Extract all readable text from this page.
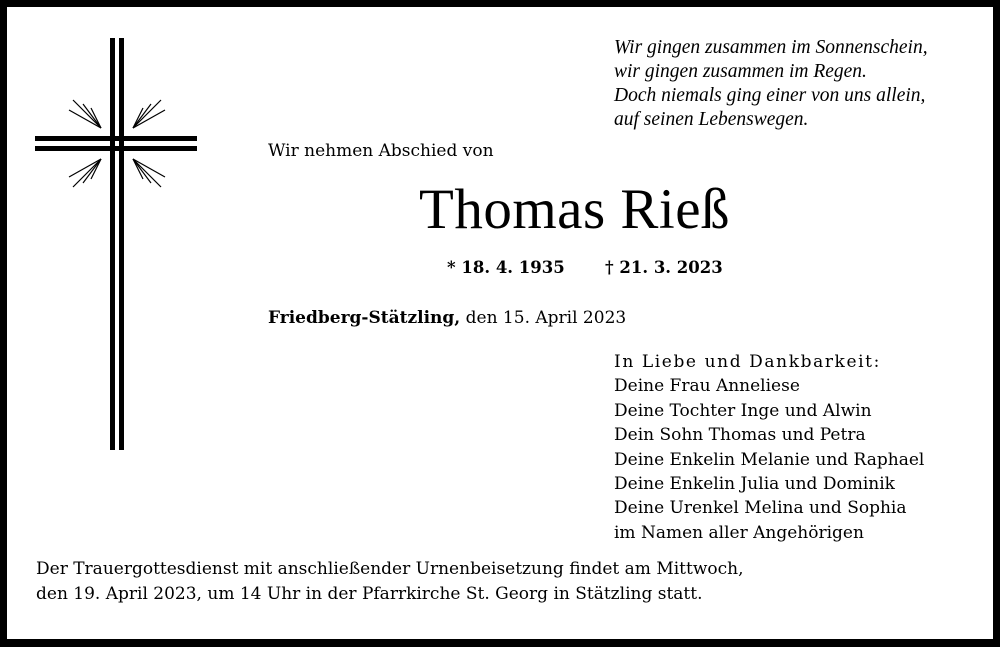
Wir gingen zusammen im Sonnenschein,
wir gingen zusammen im Regen.
Doch niemals ging einer von uns allein,
auf seinen Lebenswegen.
Wir nehmen Abschied von
Thomas Rieß
* 18. 4. 1935 † 21. 3. 2023
Friedberg-Stätzling, den 15. April 2023
In Liebe und Dankbarkeit:
Deine Frau Anneliese
Deine Tochter Inge und Alwin
Dein Sohn Thomas und Petra
Deine Enkelin Melanie und Raphael
Deine Enkelin Julia und Dominik
Deine Urenkel Melina und Sophia
im Namen aller Angehörigen
Der Trauergottesdienst mit anschließender Urnenbeisetzung findet am Mittwoch,
den 19. April 2023, um 14 Uhr in der Pfarrkirche St. Georg in Stätzling statt.
